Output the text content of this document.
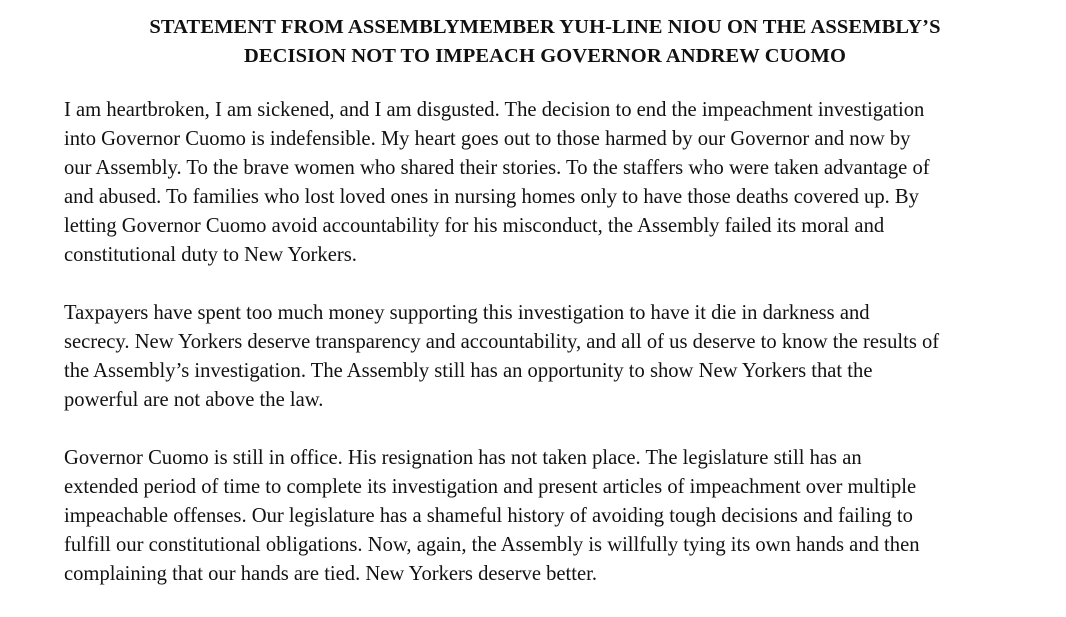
STATEMENT FROM ASSEMBLYMEMBER YUH-LINE NIOU ON THE ASSEMBLY’S
DECISION NOT TO IMPEACH GOVERNOR ANDREW CUOMO

I am heartbroken, I am sickened, and I am disgusted. The decision to end the impeachment investigation
into Governor Cuomo is indefensible. My heart goes out to those harmed by our Governor and now by
our Assembly. To the brave women who shared their stories. To the staffers who were taken advantage of
and abused. To families who lost loved ones in nursing homes only to have those deaths covered up. By
letting Governor Cuomo avoid accountability for his misconduct, the Assembly failed its moral and
constitutional duty to New Yorkers.

Taxpayers have spent too much money supporting this investigation to have it die in darkness and
secrecy. New Yorkers deserve transparency and accountability, and all of us deserve to know the results of
the Assembly’s investigation. The Assembly still has an opportunity to show New Yorkers that the
powerful are not above the law.

Governor Cuomo is still in office. His resignation has not taken place. The legislature still has an
extended period of time to complete its investigation and present articles of impeachment over multiple
impeachable offenses. Our legislature has a shameful history of avoiding tough decisions and failing to
fulfill our constitutional obligations. Now, again, the Assembly is willfully tying its own hands and then
complaining that our hands are tied. New Yorkers deserve better.
